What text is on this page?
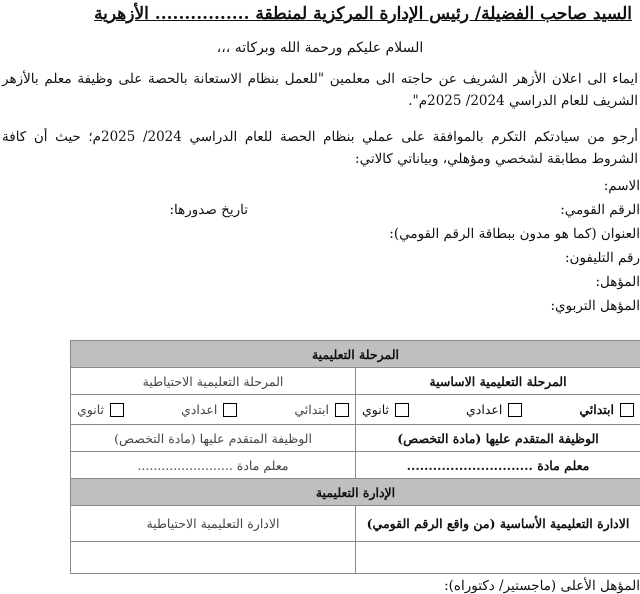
السيد صاحب الفضيلة/ رئيس الإدارة المركزية لمنطقة ................ الأزهرية
السلام عليكم ورحمة الله وبركاته ،،،
ايماء الى اعلان الأزهر الشريف عن حاجته الى معلمين "للعمل بنظام الاستعانة بالحصة على وظيفة معلم بالأزهر الشريف للعام الدراسي 2024/ 2025م".
أرجو من سيادتكم التكرم بالموافقة على عملي بنظام الحصة للعام الدراسي 2024/ 2025م؛ حيث أن كافة الشروط مطابقة لشخصي ومؤهلي، وبياناتي كالاتي:
الاسم:
الرقم القومي:
تاريخ صدورها:
العنوان (كما هو مدون ببطاقة الرقم القومي):
رقم التليفون:
المؤهل:
المؤهل التربوي:
المرحلة التعليمية	
المرحلة التعليمية الاساسية	المرحلة التعليمية الاحتياطية

ابتدائي
اعدادي
ثانوي	ابتدائي
اعدادي
ثانوي

الوظيفة المتقدم عليها (مادة التخصص)	الوظيفة المتقدم عليها (مادة التخصص)
معلم مادة .............................	معلم مادة ........................
الإدارة التعليمية	
الادارة التعليمية الأساسية (من واقع الرقم القومي)	الادارة التعليمية الاحتياطية

المؤهل الأعلى (ماجستير/ دكتوراه):
